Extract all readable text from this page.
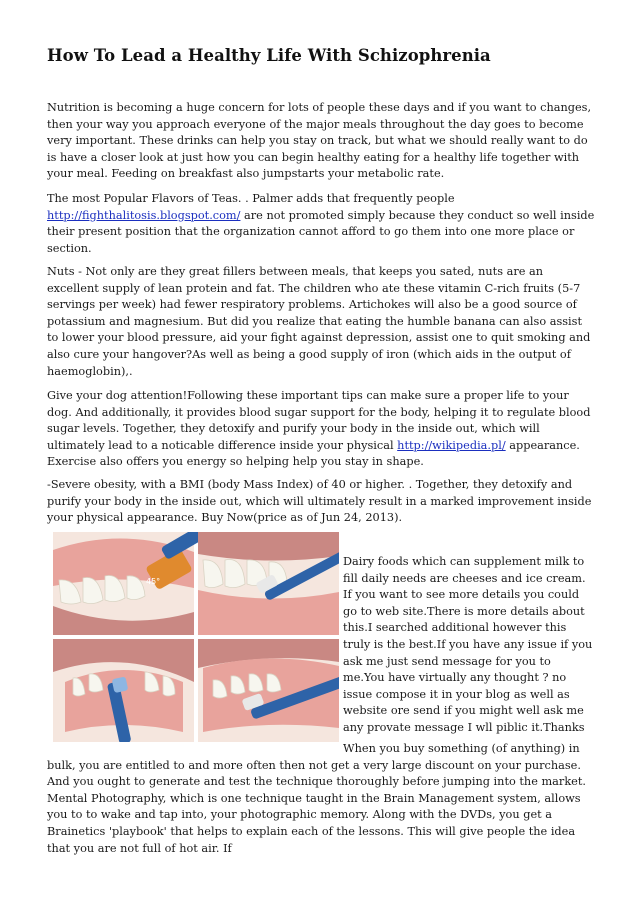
How To Lead a Healthy Life With Schizophrenia

Nutrition is becoming a huge concern for lots of people these days and if you want to changes, then your way you approach everyone of the major meals throughout the day goes to become very important. These drinks can help you stay on track, but what we should really want to do is have a closer look at just how you can begin healthy eating for a healthy life together with your meal. Feeding on breakfast also jumpstarts your metabolic rate.

The most Popular Flavors of Teas. . Palmer adds that frequently people http://fighthalitosis.blogspot.com/ are not promoted simply because they conduct so well inside their present position that the organization cannot afford to go them into one more place or section.

Nuts - Not only are they great fillers between meals, that keeps you sated, nuts are an excellent supply of lean protein and fat. The children who ate these vitamin C-rich fruits (5-7 servings per week) had fewer respiratory problems. Artichokes will also be a good source of potassium and magnesium. But did you realize that eating the humble banana can also assist to lower your blood pressure, aid your fight against depression, assist one to quit smoking and also cure your hangover?As well as being a good supply of iron (which aids in the output of haemoglobin),.

Give your dog attention!Following these important tips can make sure a proper life to your dog. And additionally, it provides blood sugar support for the body, helping it to regulate blood sugar levels. Together, they detoxify and purify your body in the inside out, which will ultimately lead to a noticable difference inside your physical http://wikipedia.pl/ appearance. Exercise also offers you energy so helping help you stay in shape.

-Severe obesity, with a BMI (body Mass Index) of 40 or higher. . Together, they detoxify and purify your body in the inside out, which will ultimately result in a marked improvement inside your physical appearance. Buy Now(price as of Jun 24, 2013).

45°

Dairy foods which can supplement milk to fill daily needs are cheeses and ice cream. If you want to see more details you could go to web site.There is more details about this.I searched additional however this truly is the best.If you have any issue if you ask me just send message for you to me.You have virtually any thought ? no issue compose it in your blog as well as website ore send if you might well ask me any provate message I wll piblic it.Thanks

When you buy something (of anything) in bulk, you are entitled to and more often then not get a very large discount on your purchase. And you ought to generate and test the technique thoroughly before jumping into the market. Mental Photography, which is one technique taught in the Brain Management system, allows you to to wake and tap into, your photographic memory. Along with the DVDs, you get a Brainetics 'playbook' that helps to explain each of the lessons. This will give people the idea that you are not full of hot air. If
